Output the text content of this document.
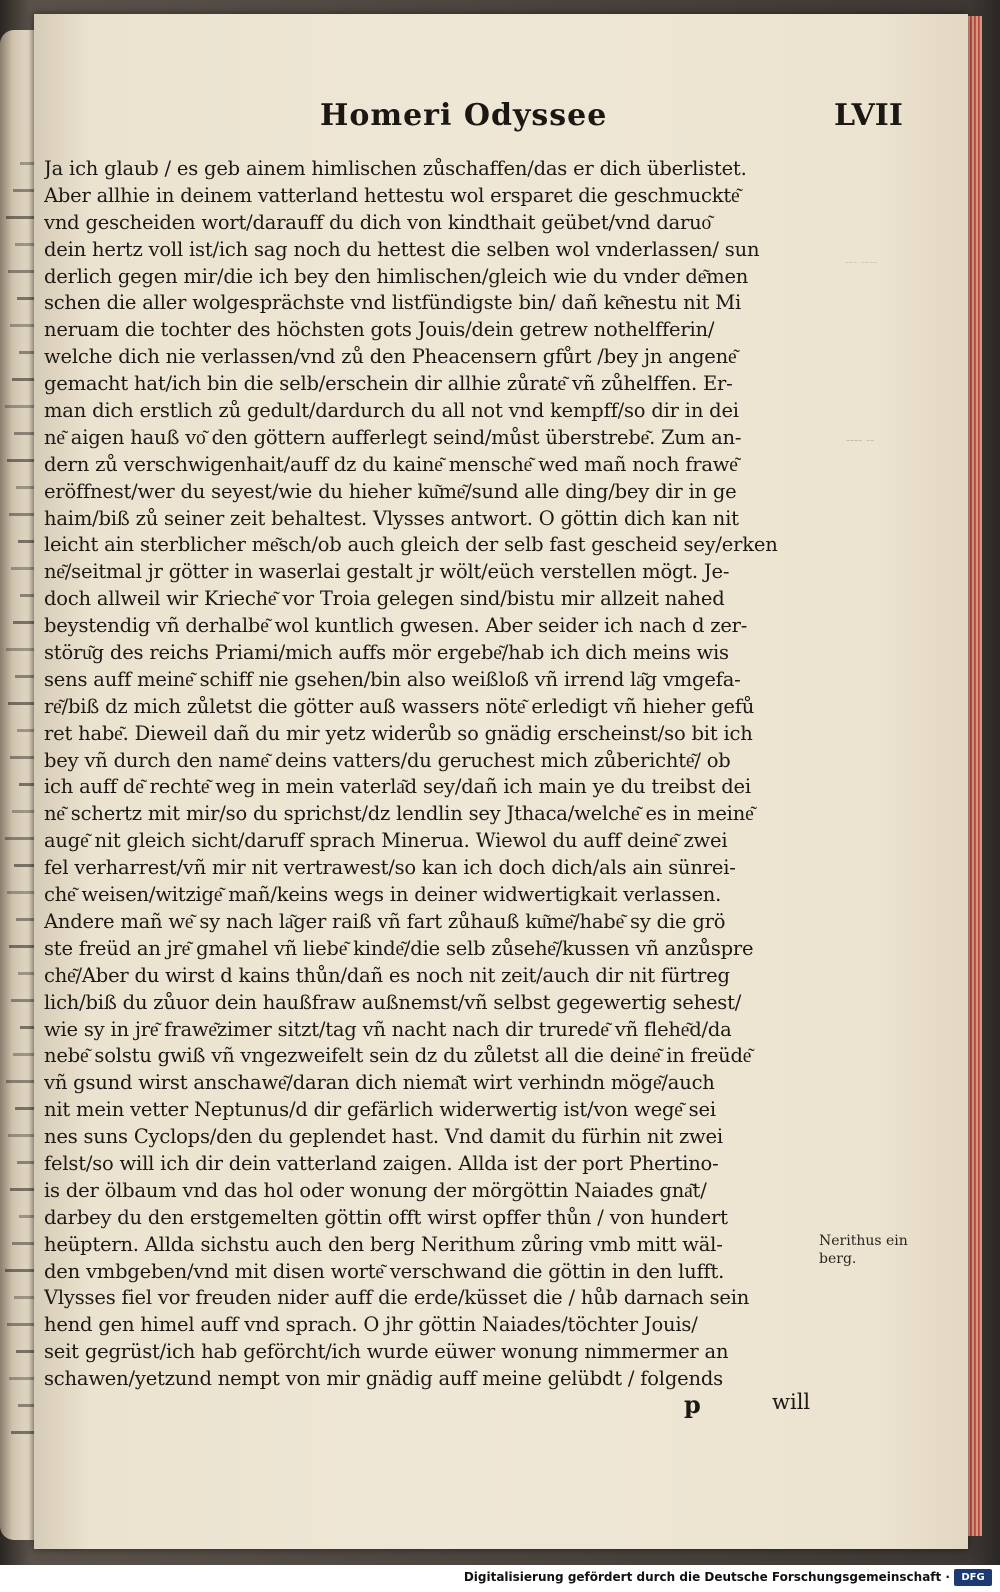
‐‐‐ ‐‐‐‐
‐‐‐‐ ‐‐
Ja ich glaub / es geb ainem himlischen zůschaffen/das er dich überlistet.
Aber allhie in deinem vatterland hettestu wol ersparet die geschmuckte͂
vnd gescheiden wort/darauff du dich von kindthait geübet/vnd daruo͂
dein hertz voll ist/ich sag noch du hettest die selben wol vnderlassen/ sun
derlich gegen mir/die ich bey den himlischen/gleich wie du vnder de͂men
schen die aller wolgesprächste vnd listfündigste bin/ dañ ke͂nestu nit Mi
neruam die tochter des höchsten gots Jouis/dein getrew nothelfferin/
welche dich nie verlassen/vnd zů den Pheacensern gfůrt /bey jn angene͂
gemacht hat/ich bin die selb/erschein dir allhie zůrate͂ vñ zůhelffen. Er-
man dich erstlich zů gedult/dardurch du all not vnd kempff/so dir in dei
ne͂ aigen hauß vo͂ den göttern aufferlegt seind/můst überstrebe͂. Zum an-
dern zů verschwigenhait/auff dz du kaine͂ mensche͂ wed mañ noch frawe͂
eröffnest/wer du seyest/wie du hieher ku͂me͂/sund alle ding/bey dir in ge
haim/biß zů seiner zeit behaltest. Vlysses antwort. O göttin dich kan nit
leicht ain sterblicher me͂sch/ob auch gleich der selb fast gescheid sey/erken
ne͂/seitmal jr götter in waserlai gestalt jr wölt/eüch verstellen mögt. Je-
doch allweil wir Krieche͂ vor Troia gelegen sind/bistu mir allzeit nahed
beystendig vñ derhalbe͂ wol kuntlich gwesen. Aber seider ich nach d zer-
störu͂g des reichs Priami/mich auffs mör ergebe͂/hab ich dich meins wis
sens auff meine͂ schiff nie gsehen/bin also weißloß vñ irrend la͂g vmgefa-
re͂/biß dz mich zůletst die götter auß wassers nöte͂ erledigt vñ hieher gefů
ret habe͂. Dieweil dañ du mir yetz widerůb so gnädig erscheinst/so bit ich
bey vñ durch den name͂ deins vatters/du geruchest mich zůberichte͂/ ob
ich auff de͂ rechte͂ weg in mein vaterla͂d sey/dañ ich main ye du treibst dei
ne͂ schertz mit mir/so du sprichst/dz lendlin sey Jthaca/welche͂ es in meine͂
auge͂ nit gleich sicht/daruff sprach Minerua. Wiewol du auff deine͂ zwei
fel verharrest/vñ mir nit vertrawest/so kan ich doch dich/als ain sünrei-
che͂ weisen/witzige͂ mañ/keins wegs in deiner widwertigkait verlassen.
Andere mañ we͂ sy nach la͂ger raiß vñ fart zůhauß ku͂me͂/habe͂ sy die grö
ste freüd an jre͂ gmahel vñ liebe͂ kinde͂/die selb zůsehe͂/kussen vñ anzůspre
che͂/Aber du wirst d kains thůn/dañ es noch nit zeit/auch dir nit fürtreg
lich/biß du zůuor dein haußfraw außnemst/vñ selbst gegewertig sehest/
wie sy in jre͂ frawe͂zimer sitzt/tag vñ nacht nach dir trurede͂ vñ flehe͂d/da
nebe͂ solstu gwiß vñ vngezweifelt sein dz du zůletst all die deine͂ in freüde͂
vñ gsund wirst anschawe͂/daran dich niema͂t wirt verhindn möge͂/auch
nit mein vetter Neptunus/d dir gefärlich widerwertig ist/von wege͂ sei
nes suns Cyclops/den du geplendet hast. Vnd damit du fürhin nit zwei
felst/so will ich dir dein vatterland zaigen. Allda ist der port Phertino-
is der ölbaum vnd das hol oder wonung der mörgöttin Naiades gna͂t/
darbey du den erstgemelten göttin offt wirst opffer thůn / von hundert
heüptern. Allda sichstu auch den berg Nerithum zůring vmb mitt wäl-
den vmbgeben/vnd mit disen worte͂ verschwand die göttin in den lufft.
Vlysses fiel vor freuden nider auff die erde/küsset die / hůb darnach sein
hend gen himel auff vnd sprach. O jhr göttin Naiades/töchter Jouis/
seit gegrüst/ich hab geförcht/ich wurde eüwer wonung nimmermer an
schawen/yetzund nempt von mir gnädig auff meine gelübdt / folgends
p	will
Nerithus ein
berg.
Homeri Odyssee	LVII
Digitalisierung gefördert durch die Deutsche Forschungsgemeinschaft ·	DFG
